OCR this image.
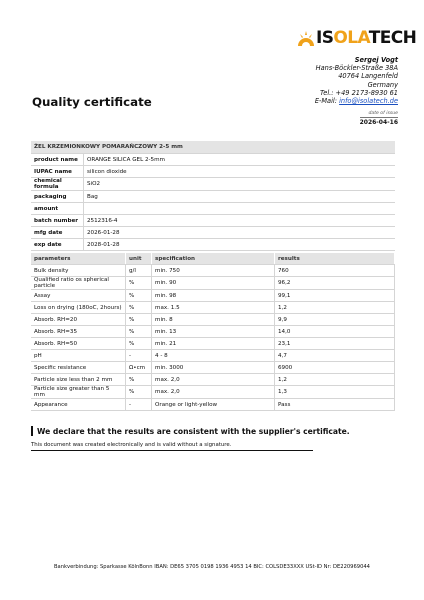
ISOLATECH
Sergej Vogt
Hans-Böckler-Straße 38A
40764 Langenfeld
Germany
Tel.: +49 2173-8930 61
E-Mail: info@isolatech.de
Quality certificate
date of issue
2026-04-16
ŻEL KRZEMIONKOWY POMARAŃCZOWY 2-5 mm	
product name	ORANGE SILICA GEL 2-5mm
IUPAC name	silicon dioxide
chemical formula	SiO2
packaging	Bag
amount	
batch number	2512316-4
mfg date	2026-01-28
exp date	2028-01-28
parameters	unit	specification	results
Bulk density	g/l	min. 750	760
Qualified ratio os spherical particle	%	min. 90	96,2
Assay	%	min. 98	99,1
Loss on drying (180oC, 2hours)	%	max. 1.5	1,2
Absorb. RH=20	%	min. 8	9,9
Absorb. RH=35	%	min. 13	14,0
Absorb. RH=50	%	min. 21	23,1
pH	-	4 - 8	4,7
Specific resistance	Ω•cm	min. 3000	6900
Particle size less than 2 mm	%	max. 2,0	1,2
Particle size greater than 5 mm	%	max. 2,0	1,3
Appearance	-	Orange or light-yellow	Pass
We declare that the results are consistent with the supplier's certificate.
This document was created electronically and is valid without a signature.
Bankverbindung: Sparkasse KölnBonn IBAN: DE65 3705 0198 1936 4953 14 BIC: COLSDE33XXX USt-ID Nr: DE220969044
